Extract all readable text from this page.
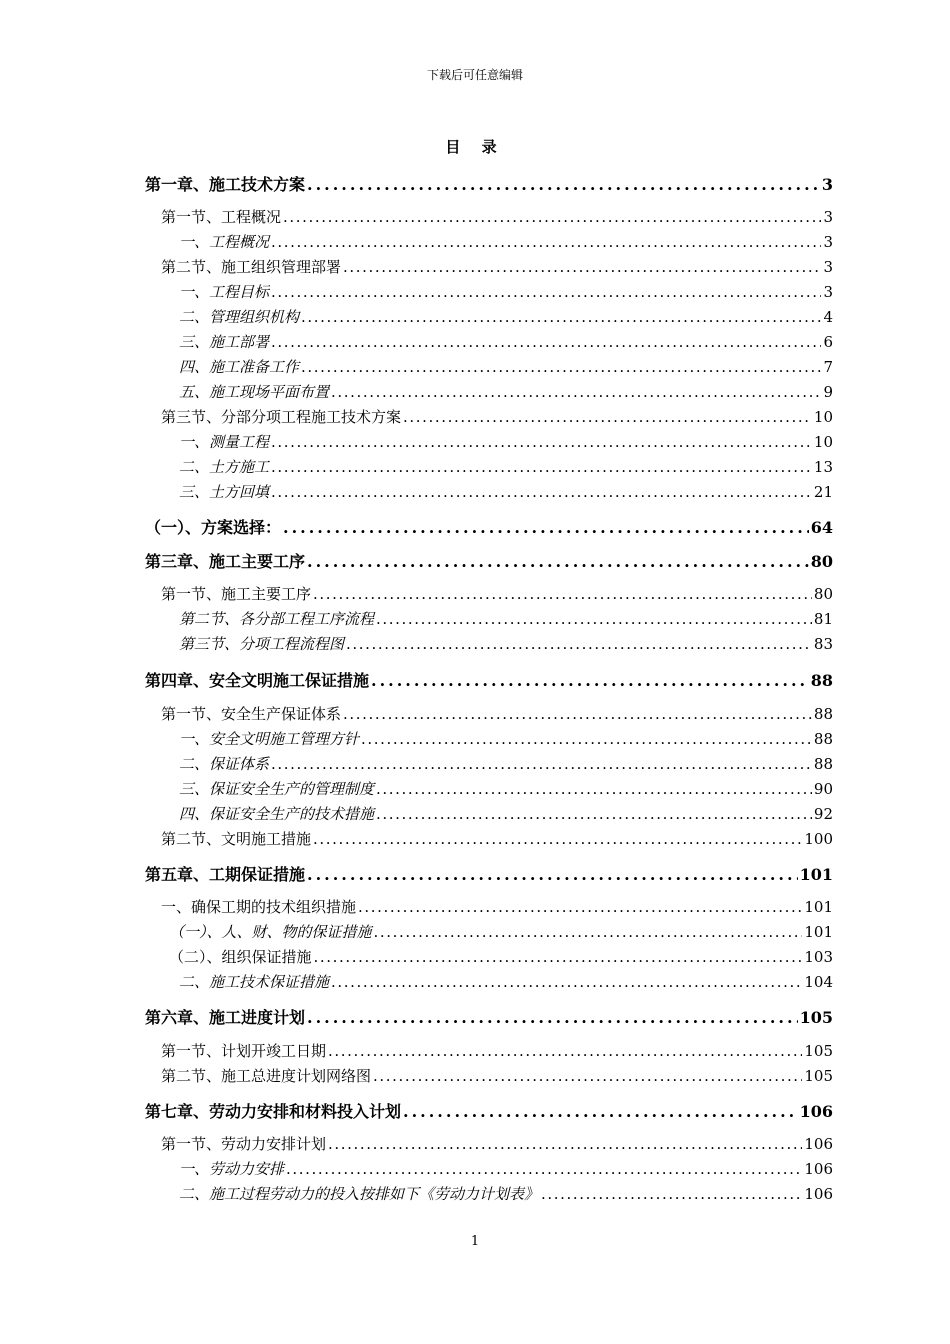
下载后可任意编辑
目 录
第一章、施工技术方案 .....	3
第一节、工程概况 .....	3
一、工程概况 .....	3
第二节、施工组织管理部署 .....	3
一、工程目标 .....	3
二、管理组织机构 .....	4
三、施工部署 .....	6
四、施工准备工作 .....	7
五、施工现场平面布置 .....	9
第三节、分部分项工程施工技术方案 .....	10
一、测量工程 .....	10
二、土方施工 .....	13
三、土方回填 .....	21
（一）、方案选择： .....	64
第三章、施工主要工序 .....	80
第一节、施工主要工序 .....	80
第二节、各分部工程工序流程 .....	81
第三节、分项工程流程图 .....	83
第四章、安全文明施工保证措施 .....	88
第一节、安全生产保证体系 .....	88
一、安全文明施工管理方针 .....	88
二、保证体系 .....	88
三、保证安全生产的管理制度 .....	90
四、保证安全生产的技术措施 .....	92
第二节、文明施工措施 .....	100
第五章、工期保证措施 .....	101
一、确保工期的技术组织措施 .....	101
（一）、人、财、物的保证措施 .....	101
（二）、组织保证措施 .....	103
二、施工技术保证措施 .....	104
第六章、施工进度计划 .....	105
第一节、计划开竣工日期 .....	105
第二节、施工总进度计划网络图 .....	105
第七章、劳动力安排和材料投入计划 .....	106
第一节、劳动力安排计划 .....	106
一、劳动力安排 .....	106
二、施工过程劳动力的投入按排如下《劳动力计划表》 .....	106
1
